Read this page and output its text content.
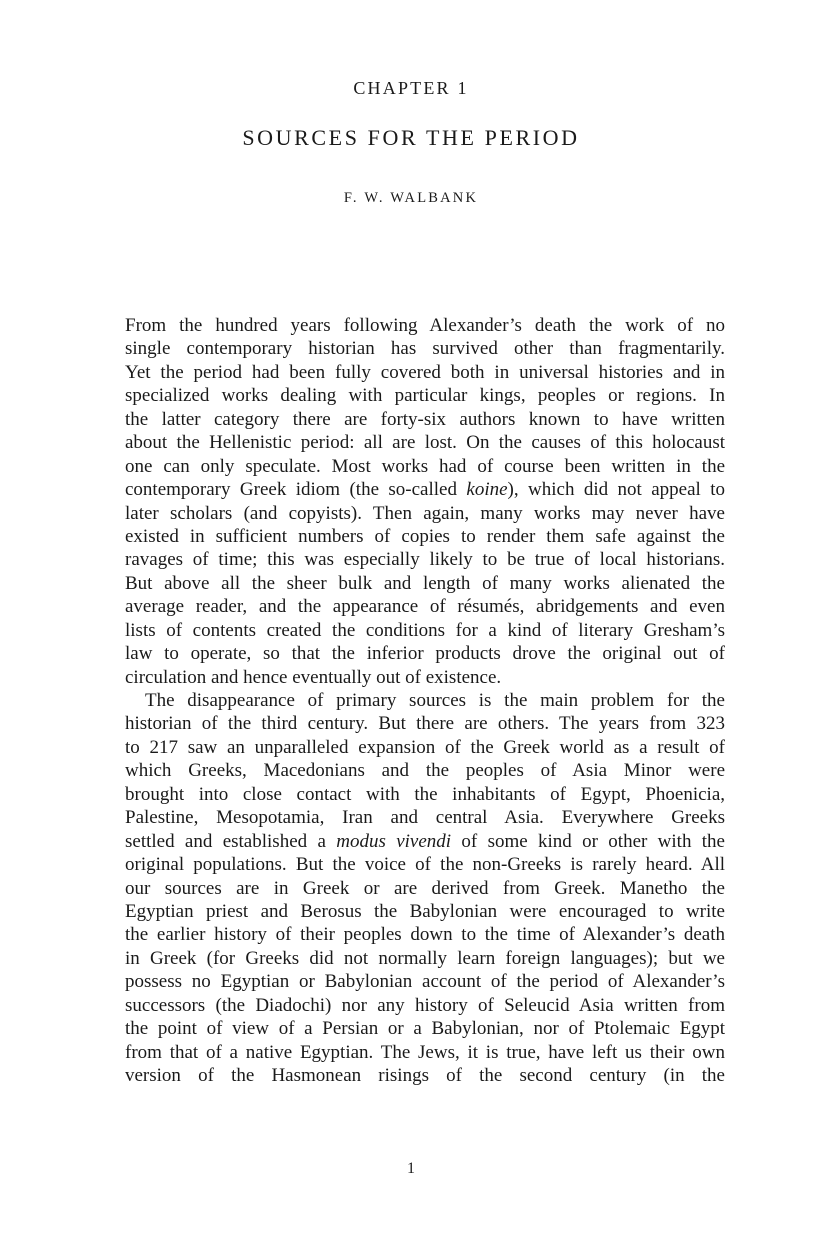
CHAPTER 1
SOURCES FOR THE PERIOD
F. W. WALBANK
From the hundred years following Alexander’s death the work of no
single contemporary historian has survived other than fragmentarily.
Yet the period had been fully covered both in universal histories and in
specialized works dealing with particular kings, peoples or regions. In
the latter category there are forty-six authors known to have written
about the Hellenistic period: all are lost. On the causes of this holocaust
one can only speculate. Most works had of course been written in the
contemporary Greek idiom (the so-called koine), which did not appeal to
later scholars (and copyists). Then again, many works may never have
existed in sufficient numbers of copies to render them safe against the
ravages of time; this was especially likely to be true of local historians.
But above all the sheer bulk and length of many works alienated the
average reader, and the appearance of résumés, abridgements and even
lists of contents created the conditions for a kind of literary Gresham’s
law to operate, so that the inferior products drove the original out of
circulation and hence eventually out of existence.
The disappearance of primary sources is the main problem for the
historian of the third century. But there are others. The years from 323
to 217 saw an unparalleled expansion of the Greek world as a result of
which Greeks, Macedonians and the peoples of Asia Minor were
brought into close contact with the inhabitants of Egypt, Phoenicia,
Palestine, Mesopotamia, Iran and central Asia. Everywhere Greeks
settled and established a modus vivendi of some kind or other with the
original populations. But the voice of the non-Greeks is rarely heard. All
our sources are in Greek or are derived from Greek. Manetho the
Egyptian priest and Berosus the Babylonian were encouraged to write
the earlier history of their peoples down to the time of Alexander’s death
in Greek (for Greeks did not normally learn foreign languages); but we
possess no Egyptian or Babylonian account of the period of Alexander’s
successors (the Diadochi) nor any history of Seleucid Asia written from
the point of view of a Persian or a Babylonian, nor of Ptolemaic Egypt
from that of a native Egyptian. The Jews, it is true, have left us their own
version of the Hasmonean risings of the second century (in the
1
